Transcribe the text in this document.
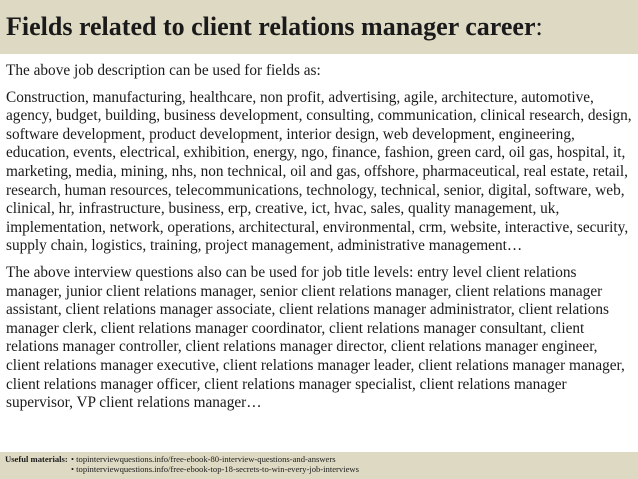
Fields related to client relations manager career:

The above job description can be used for fields as:

Construction, manufacturing, healthcare, non profit, advertising, agile, architecture, automotive, agency, budget, building, business development, consulting, communication, clinical research, design, software development, product development, interior design, web development, engineering, education, events, electrical, exhibition, energy, ngo, finance, fashion, green card, oil gas, hospital, it, marketing, media, mining, nhs, non technical, oil and gas, offshore, pharmaceutical, real estate, retail, research, human resources, telecommunications, technology, technical, senior, digital, software, web, clinical, hr, infrastructure, business, erp, creative, ict, hvac, sales, quality management, uk, implementation, network, operations, architectural, environmental, crm, website, interactive, security, supply chain, logistics, training, project management, administrative management…

The above interview questions also can be used for job title levels: entry level client relations manager, junior client relations manager, senior client relations manager, client relations manager assistant, client relations manager associate, client relations manager administrator, client relations manager clerk, client relations manager coordinator, client relations manager consultant, client relations manager controller, client relations manager director, client relations manager engineer, client relations manager executive, client relations manager leader, client relations manager manager, client relations manager officer, client relations manager specialist, client relations manager supervisor, VP client relations manager…

Useful materials: • topinterviewquestions.info/free-ebook-80-interview-questions-and-answers
• topinterviewquestions.info/free-ebook-top-18-secrets-to-win-every-job-interviews
